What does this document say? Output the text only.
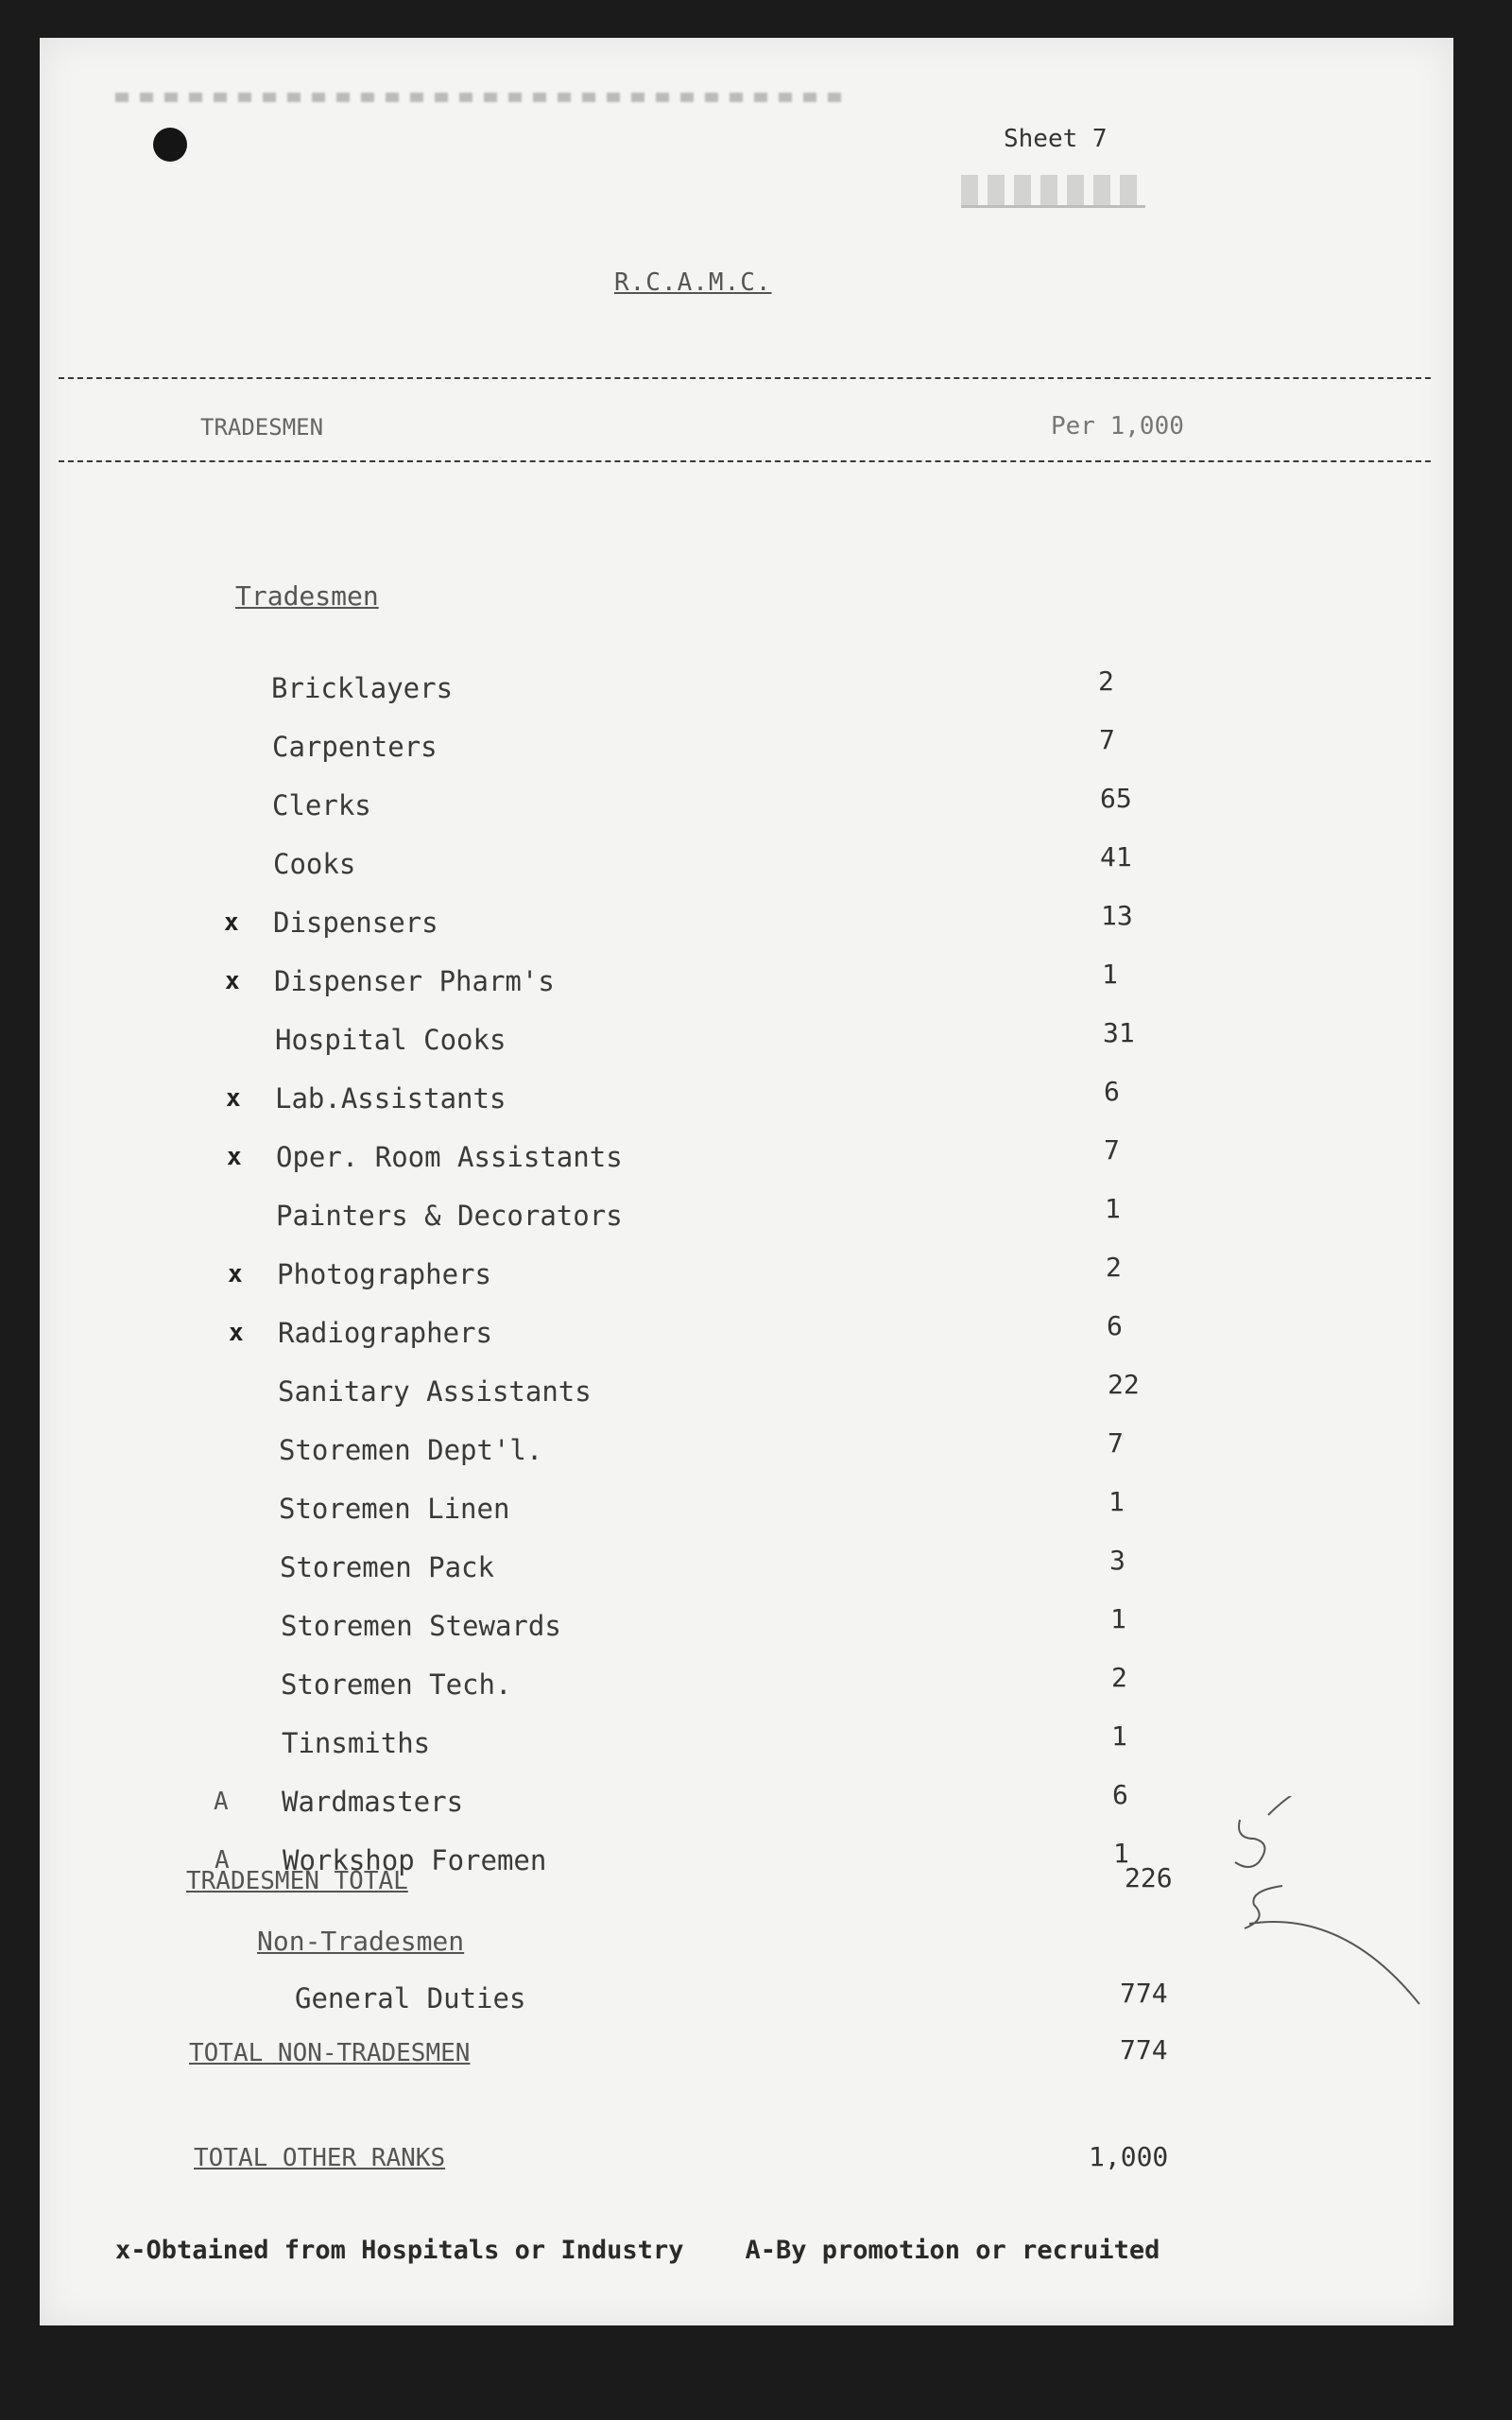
Sheet 7
R.C.A.M.C.
TRADESMEN	Per 1,000
Tradesmen
Bricklayers	2
Carpenters	7
Clerks	65
Cooks	41
x Dispensers	13
x Dispenser Pharm's	1
Hospital Cooks	31
x Lab.Assistants	6
x Oper. Room Assistants	7
Painters & Decorators	1
x Photographers	2
x Radiographers	6
Sanitary Assistants	22
Storemen Dept'l.	7
Storemen Linen	1
Storemen Pack	3
Storemen Stewards	1
Storemen Tech.	2
Tinsmiths	1
A Wardmasters	6
A Workshop Foremen	1
TRADESMEN TOTAL	226
Non-Tradesmen
General Duties	774
TOTAL NON-TRADESMEN	774
TOTAL OTHER RANKS	1,000
x-Obtained from Hospitals or Industry    A-By promotion or recruited
